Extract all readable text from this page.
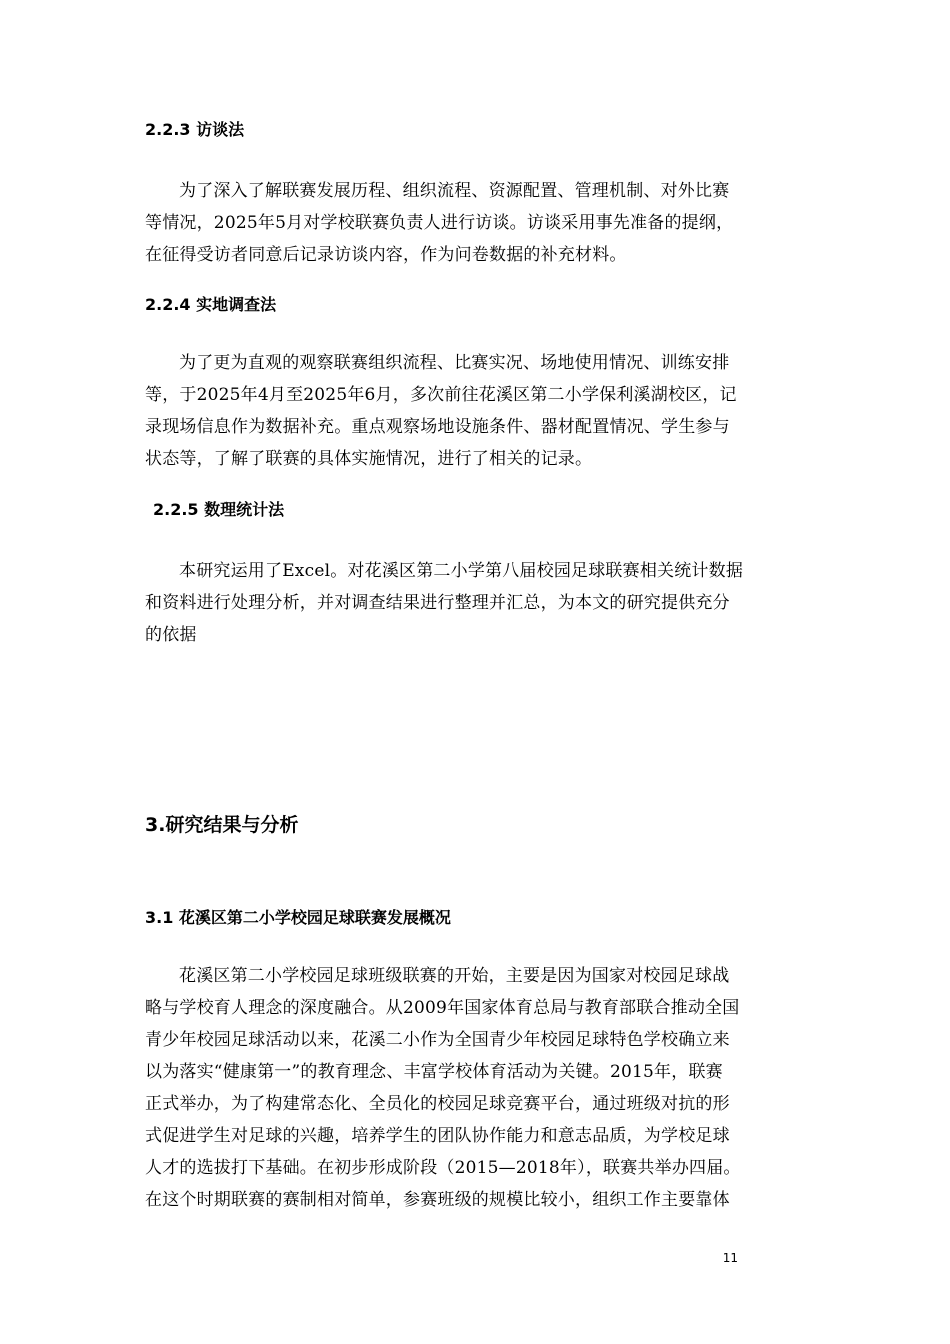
2.2.3 访谈法
为了深入了解联赛发展历程、组织流程、资源配置、管理机制、对外比赛
等情况，2025年5月对学校联赛负责人进行访谈。访谈采用事先准备的提纲，
在征得受访者同意后记录访谈内容，作为问卷数据的补充材料。
2.2.4 实地调查法
为了更为直观的观察联赛组织流程、比赛实况、场地使用情况、训练安排
等，于2025年4月至2025年6月，多次前往花溪区第二小学保利溪湖校区，记
录现场信息作为数据补充。重点观察场地设施条件、器材配置情况、学生参与
状态等，了解了联赛的具体实施情况，进行了相关的记录。
2.2.5 数理统计法
本研究运用了Excel。对花溪区第二小学第八届校园足球联赛相关统计数据
和资料进行处理分析，并对调查结果进行整理并汇总，为本文的研究提供充分
的依据
3.研究结果与分析
3.1 花溪区第二小学校园足球联赛发展概况
花溪区第二小学校园足球班级联赛的开始，主要是因为国家对校园足球战
略与学校育人理念的深度融合。从2009年国家体育总局与教育部联合推动全国
青少年校园足球活动以来，花溪二小作为全国青少年校园足球特色学校确立来
以为落实“健康第一”的教育理念、丰富学校体育活动为关键。2015年，联赛
正式举办，为了构建常态化、全员化的校园足球竞赛平台，通过班级对抗的形
式促进学生对足球的兴趣，培养学生的团队协作能力和意志品质，为学校足球
人才的选拔打下基础。在初步形成阶段（2015—2018年），联赛共举办四届。
在这个时期联赛的赛制相对简单，参赛班级的规模比较小，组织工作主要靠体
11
